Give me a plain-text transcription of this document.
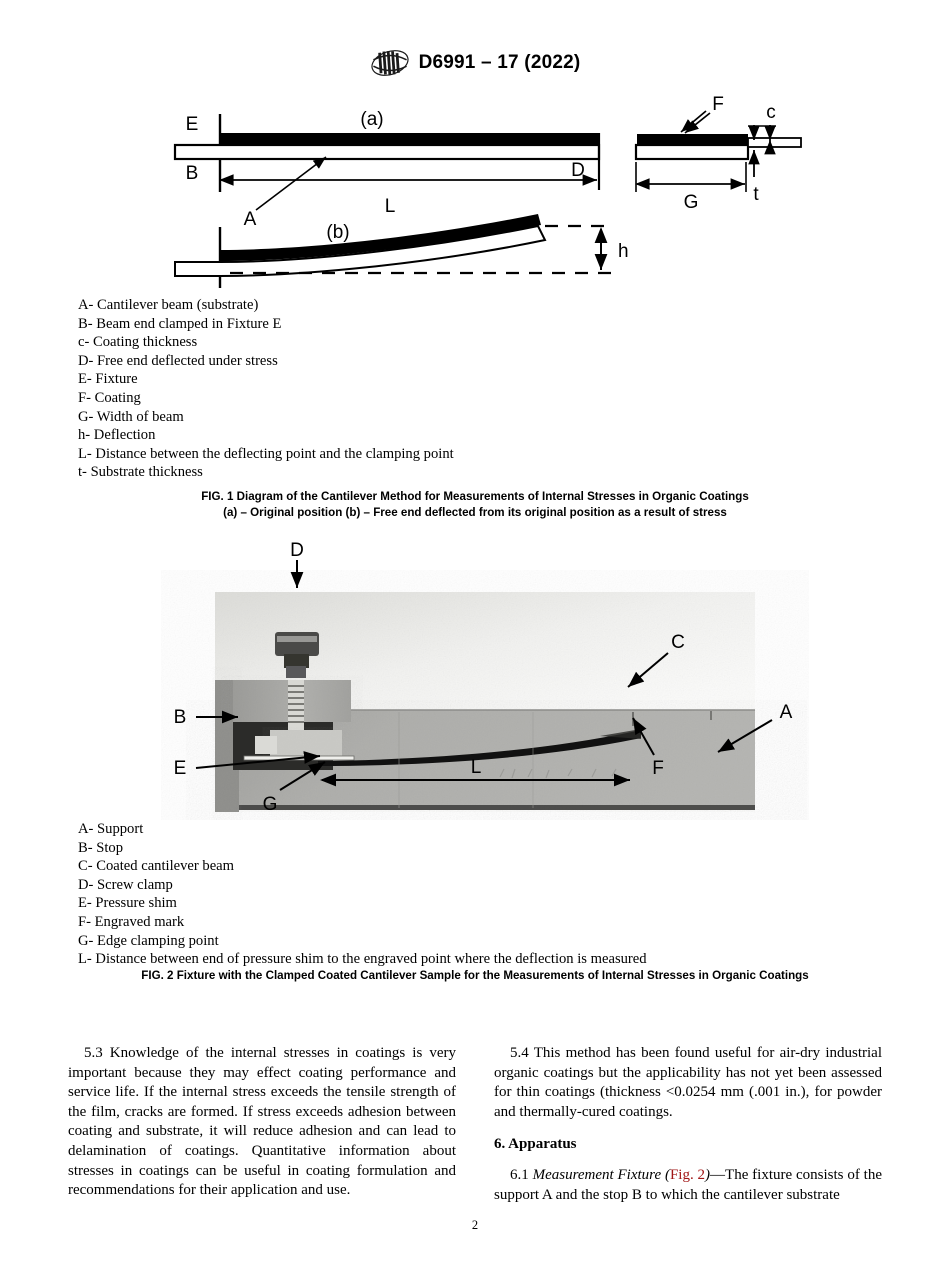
D6991 – 17 (2022)
E
B
A
D
L
(a)
h
(b)
F
G
c
t
A- Cantilever beam (substrate)
B- Beam end clamped in Fixture E
c- Coating thickness
D- Free end deflected under stress
E- Fixture
F- Coating
G- Width of beam
h- Deflection
L- Distance between the deflecting point and the clamping point
t- Substrate thickness
FIG. 1 Diagram of the Cantilever Method for Measurements of Internal Stresses in Organic Coatings
(a) – Original position (b) – Free end deflected from its original position as a result of stress
D
B
E
G
L
C
F
A
A- Support
B- Stop
C- Coated cantilever beam
D- Screw clamp
E- Pressure shim
F- Engraved mark
G- Edge clamping point
L- Distance between end of pressure shim to the engraved point where the deflection is measured
FIG. 2 Fixture with the Clamped Coated Cantilever Sample for the Measurements of Internal Stresses in Organic Coatings

5.3 Knowledge of the internal stresses in coatings is very important because they may effect coating performance and service life. If the internal stress exceeds the tensile strength of the film, cracks are formed. If stress exceeds adhesion between coating and substrate, it will reduce adhesion and can lead to delamination of coatings. Quantitative information about stresses in coatings can be useful in coating formulation and recommendations for their application and use.

5.4 This method has been found useful for air-dry industrial organic coatings but the applicability has not yet been assessed for thin coatings (thickness <0.0254 mm (.001 in.), for powder and thermally-cured coatings.

6. Apparatus

6.1 Measurement Fixture (Fig. 2)—The fixture consists of the support A and the stop B to which the cantilever substrate

2
